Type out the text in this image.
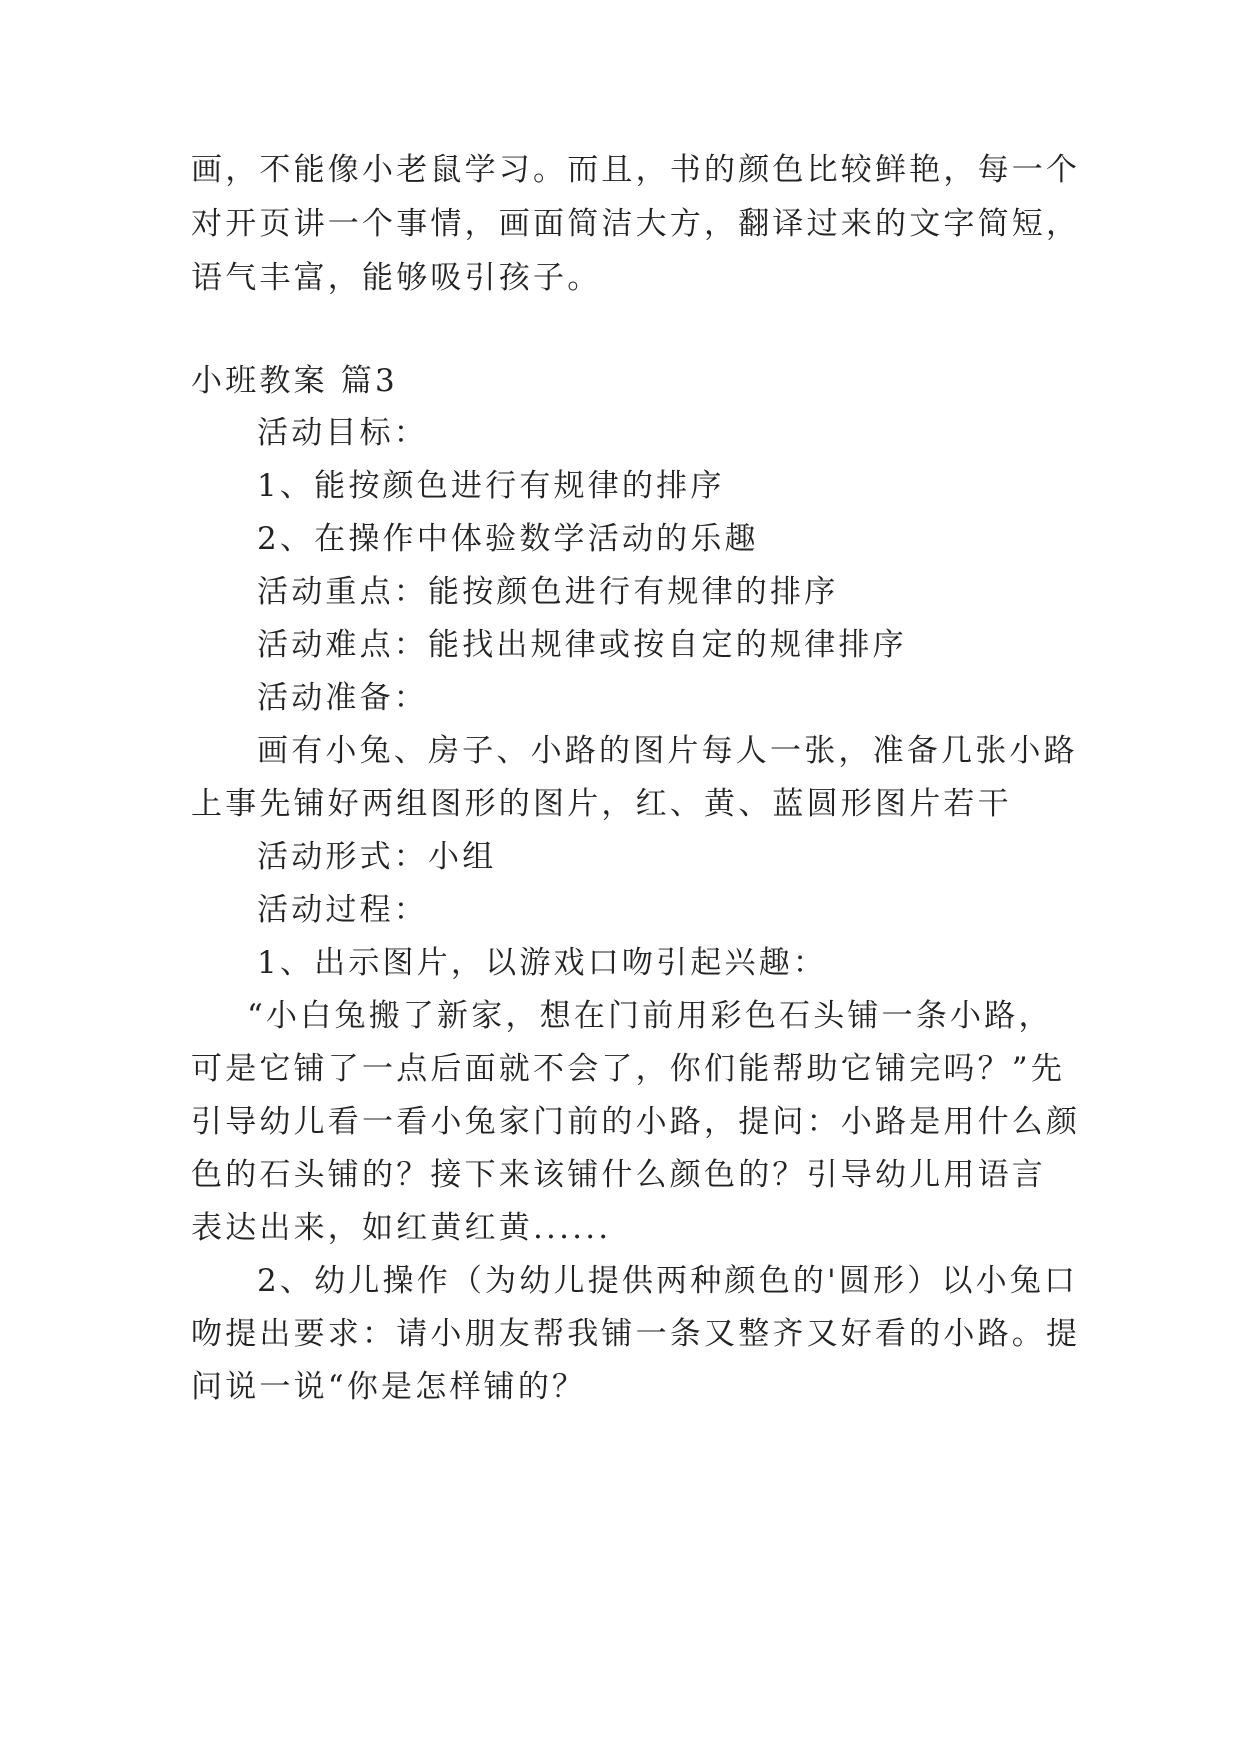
画，不能像小老鼠学习。而且，书的颜色比较鲜艳，每一个
对开页讲一个事情，画面简洁大方，翻译过来的文字简短，
语气丰富，能够吸引孩子。
小班教案 篇3
活动目标：
1、能按颜色进行有规律的排序
2、在操作中体验数学活动的乐趣
活动重点：能按颜色进行有规律的排序
活动难点：能找出规律或按自定的规律排序
活动准备：
画有小兔、房子、小路的图片每人一张，准备几张小路
上事先铺好两组图形的图片，红、黄、蓝圆形图片若干
活动形式：小组
活动过程：
1、出示图片，以游戏口吻引起兴趣：
“小白兔搬了新家，想在门前用彩色石头铺一条小路，
可是它铺了一点后面就不会了，你们能帮助它铺完吗？”先
引导幼儿看一看小兔家门前的小路，提问：小路是用什么颜
色的石头铺的？接下来该铺什么颜色的？引导幼儿用语言
表达出来，如红黄红黄......
2、幼儿操作（为幼儿提供两种颜色的'圆形）以小兔口
吻提出要求：请小朋友帮我铺一条又整齐又好看的小路。提
问说一说“你是怎样铺的？
